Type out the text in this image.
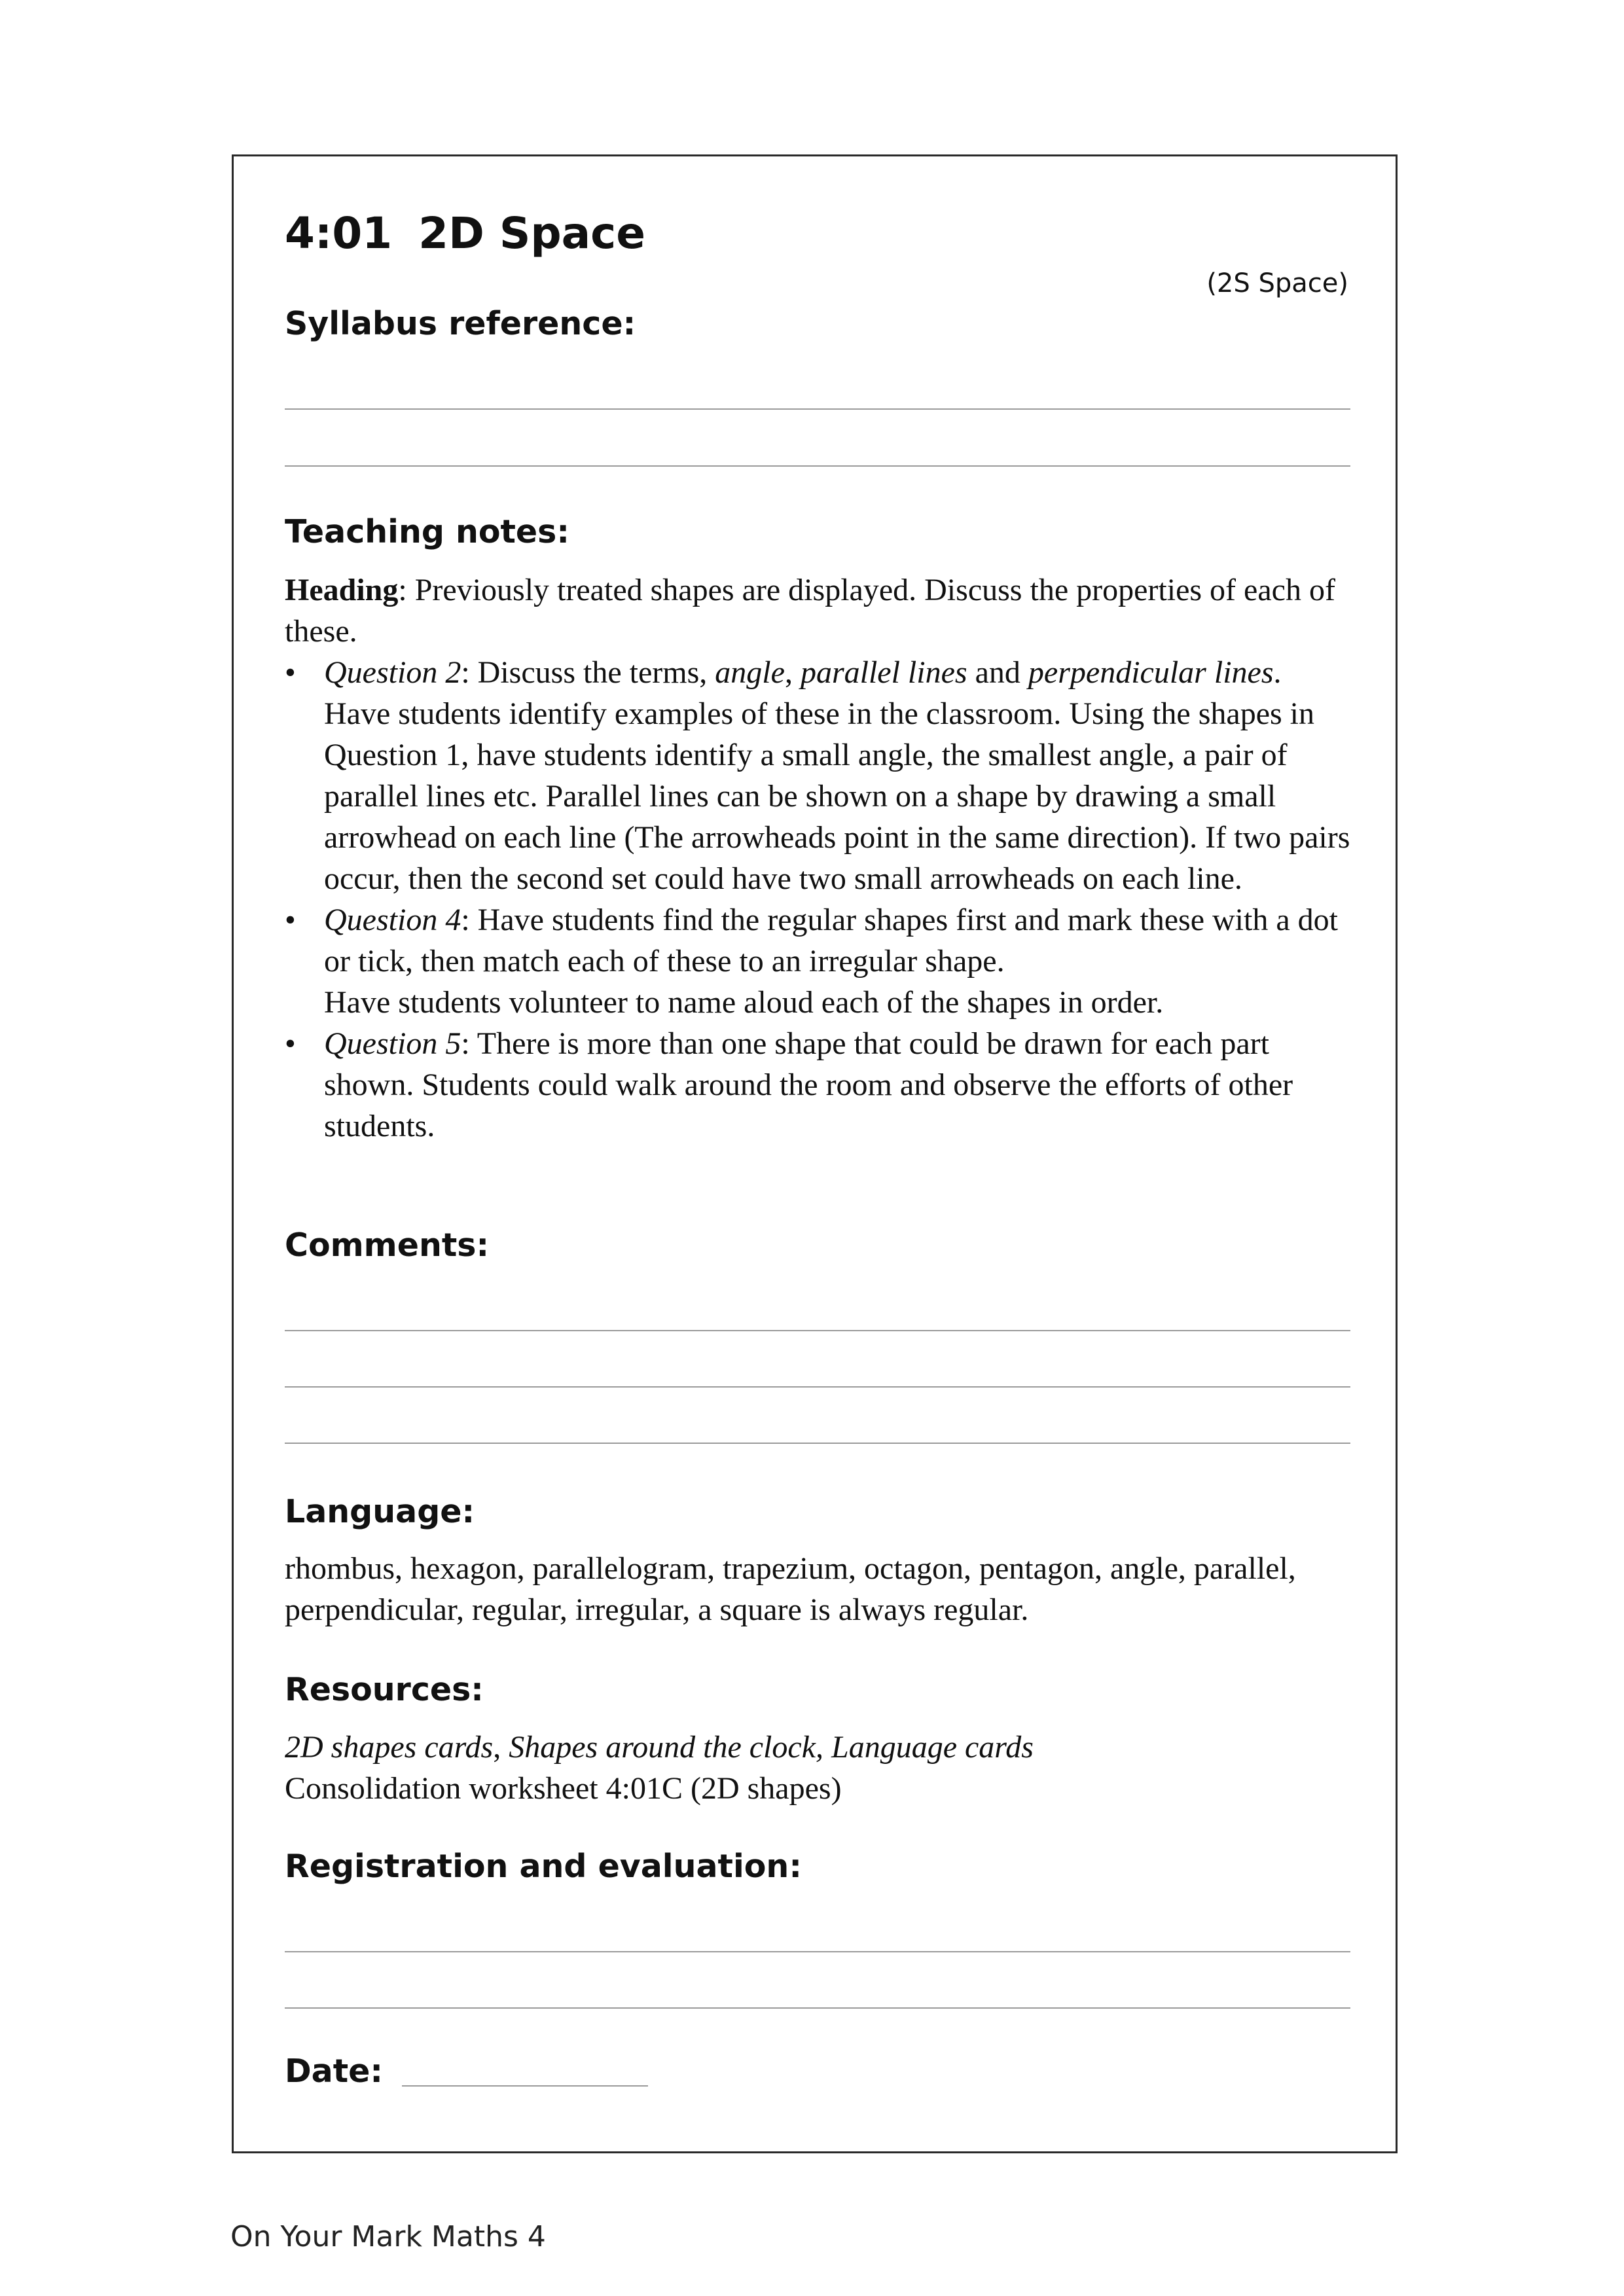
4:01 2D Space
(2S Space)
Syllabus reference:
Teaching notes:

Heading: Previously treated shapes are displayed. Discuss the properties of each of these.

• Question 2: Discuss the terms, angle, parallel lines and perpendicular lines.
Have students identify examples of these in the classroom. Using the shapes in Question 1, have students identify a small angle, the smallest angle, a pair of parallel lines etc. Parallel lines can be shown on a shape by drawing a small arrowhead on each line (The arrowheads point in the same direction). If two pairs occur, then the second set could have two small arrowheads on each line.
• Question 4: Have students find the regular shapes first and mark these with a dot or tick, then match each of these to an irregular shape.
Have students volunteer to name aloud each of the shapes in order.
• Question 5: There is more than one shape that could be drawn for each part shown. Students could walk around the room and observe the efforts of other students.
Comments:
Language:

rhombus, hexagon, parallelogram, trapezium, octagon, pentagon, angle, parallel, perpendicular, regular, irregular, a square is always regular.

Resources:
2D shapes cards, Shapes around the clock, Language cards
Consolidation worksheet 4:01C (2D shapes)
Registration and evaluation:
Date:
On Your Mark Maths 4
